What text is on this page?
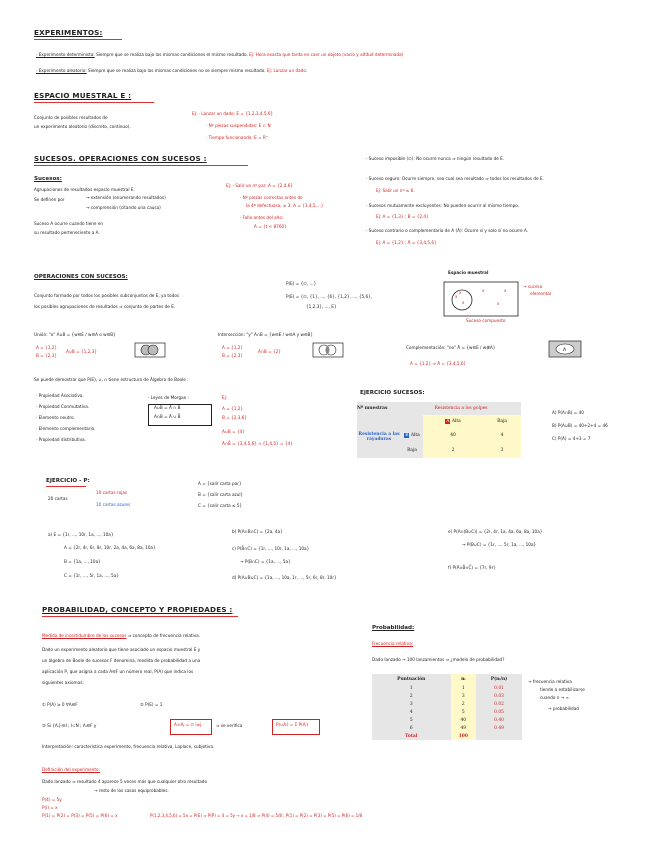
EXPERIMENTOS:
· Experimento determinista: Siempre que se realiza bajo las mismas condiciones el mismo resultado. Ej: Hora exacta que tarda en caer un objeto (vacío y altitud determinada)
· Experimento aleatorio: Siempre que se realiza bajo las mismas condiciones no se siempre mismo resultado. Ej: Lanzar un dado.
ESPACIO MUESTRAL E :
Conjunto de posibles resultados de
un experimento aleatorio (discreto, continuo).
Ej: · Lanzar un dado: E = {1,2,3,4,5,6}
· Nº piezas suspendidas: E ⊂ N
· Tiempo funcionando: E = R⁺
SUCESOS. OPERACIONES CON SUCESOS :
Sucesos:
Agrupaciones de resultados espacio muestral E.
Se definen por	→ extensión (enumerando resultados)
→ comprensión (citando una causa)
Suceso A ocurre cuando tiene en
su resultado perteneciente a A.
Ej: · Salir un nº par: A = {2,4,6}
· Nº piezas correctas antes de
la 4ª defectuosa, ≥ 3: A = {3,4,5,...}
· Fallo antes del año:
A = {t < 8760}
· Suceso imposible (∅): No ocurre nunca ⇒ ningún resultado de E.
· Suceso seguro: Ocurre siempre, sea cual sea resultado ⇒ todos los resultados de E.
Ej: Salir un nº ≤ 6.
· Sucesos mutuamente excluyentes: No pueden ocurrir al mismo tiempo.
Ej: A = {1,3} ; B = {2,4}
· Suceso contrario o complementario de A (Ā): Ocurre sí y solo sí no ocurre A.
Ej: A = {1,2} ; Ā = {3,4,5,6}
OPERACIONES CON SUCESOS:
Conjunto formado por todos los posibles subconjuntos de E, ya todos
los posibles agrupaciones de resultados ⇒ conjunto de partes de E.
P(E) = {∅, ...}
P(E) = {∅, {1}, ..., {6}, {1,2}, ..., {5,6},
{1,2,3}, ..., E}
Espacio muestral
x
x
x	x
x
x
→ suceso
elemental
Suceso compuesto
Unión: "o" A∪B = {w∈E / w∈A o w∈B}
A = {1,2}
B = {2,3}
A∪B = {1,2,3}
Intersección: "y" A∩B = {w∈E / w∈A y w∈B}
A = {1,2}
B = {2,3}
A∩B = {2}
Complementación: "no" Ā = {w∈E / w∉A}
A = {1,2} ⇒ Ā = {3,4,5,6}
A
Se puede demostrar que P(E), ∪, ∩ tiene estructura de Álgebra de Boole :
· Propiedad Asociativa.
· Propiedad Conmutativa.
· Elemento neutro.
· Elemento complementario.
· Propiedad distributiva.
· Leyes de Morgan :
A∪B = Ā ∩ B̄
A∩B = Ā ∪ B̄
Ej:
A = {1,2}
B = {2,3,6}
A∪B = {4}
Ā∩B̄ = {3,4,5,6} ∩ {1,4,5} = {4}
EJERCICIO SUCESOS:
Nº muestras	Resistencia a los golpes		
Resistencia a las rayaduras		A Alta	Baja
	B Alta	40	4
	Baja	2	3
A) P(A∩B) = 40
B) P(A∪B) = 40+2+4 = 46
C) P(Ā) = 4+3 = 7
EJERCICIO - P:
20 cartas
10 cartas rojas
10 cartas azules
A = {salir carta par}
B = {salir carta azul}
C = {salir carta ≤ 5}
a) E = {1r, ..., 10r, 1a, ..., 10a}
A = {2r, 4r, 6r, 8r, 10r, 2a, 4a, 6a, 8a, 10a}
B = {1a, ..., 10a}
C = {1r, ..., 5r, 1a, ..., 5a}
b) P(A∩B∩C) = {2a, 4a}
c) P(B̄∩C) = {1r, ..., 10r, 1a, ..., 10a}
→ P(B∩C) = {1a, ..., 5a}
d) P(A∪B∪C) = {1a, ..., 10a, 1r, ..., 5r, 6r, 8r, 10r}
e) P(A∩(B∪C)) = {2r, 4r, 1a, 4a, 6a, 8a, 10a}
→ P(B∪C) = {1r, ..., 5r, 1a, ..., 10a}
f) P(Ā∩B̄∩C̄) = {7r, 9r}
PROBABILIDAD, CONCEPTO Y PROPIEDADES :
Medida de incertidumbre de los sucesos ⇒ concepto de frecuencia relativa.
Dado un experimento aleatorio que tiene asociado un espacio muestral E y
un álgebra de Boole de sucesos F denomina, medida de probabilidad a una
aplicación P, que asigna a cada A∈F un número real, P(A) que indica los
siguientes axiomas:
① P(A) ≥ 0 ∀A∈F	② P(E) = 1
③ Si {Aᵢ}ᵢ∈I ; I⊂N ; Aᵢ∈F y	Aᵢ∩Aⱼ = ∅ i≠j	⇒ se verifica	P(∪Aᵢ) = Σ P(Aᵢ)
Interpretación: característica experimento, frecuencia relativa, Laplace, subjetiva.
Definición del experimento:
Dado lanzado ⇒ resultado 4 aparece 5 veces más que cualquier otro resultado
→ resto de los casos equiprobables.
P(4) = 5y
P(i) = x
P(1) = P(2) = P(3) = P(5) = P(6) = x	P(1,2,3,4,5,6) = 5x = P(E) ⇒ P(P) = 4 = 5y → x = 1/8 ⇒ P(4) = 5/8 ; P(1) = P(2) = P(3) = P(5) = P(6) = 1/8
Probabilidad:
Frecuencia relativa:
Dado lanzado → 100 lanzamientos ⇒ ¿modelo de probabilidad?
Puntuación	nᵢ	P(nᵢ/n)
1	1	0.01
2	3	0.03
3	2	0.02
4	5	0.05
5	40	0.40
6	49	0.49
Total	100	
→ frecuencia relativa
tiende a estabilizarse
cuando n → ∞
→ probabilidad
